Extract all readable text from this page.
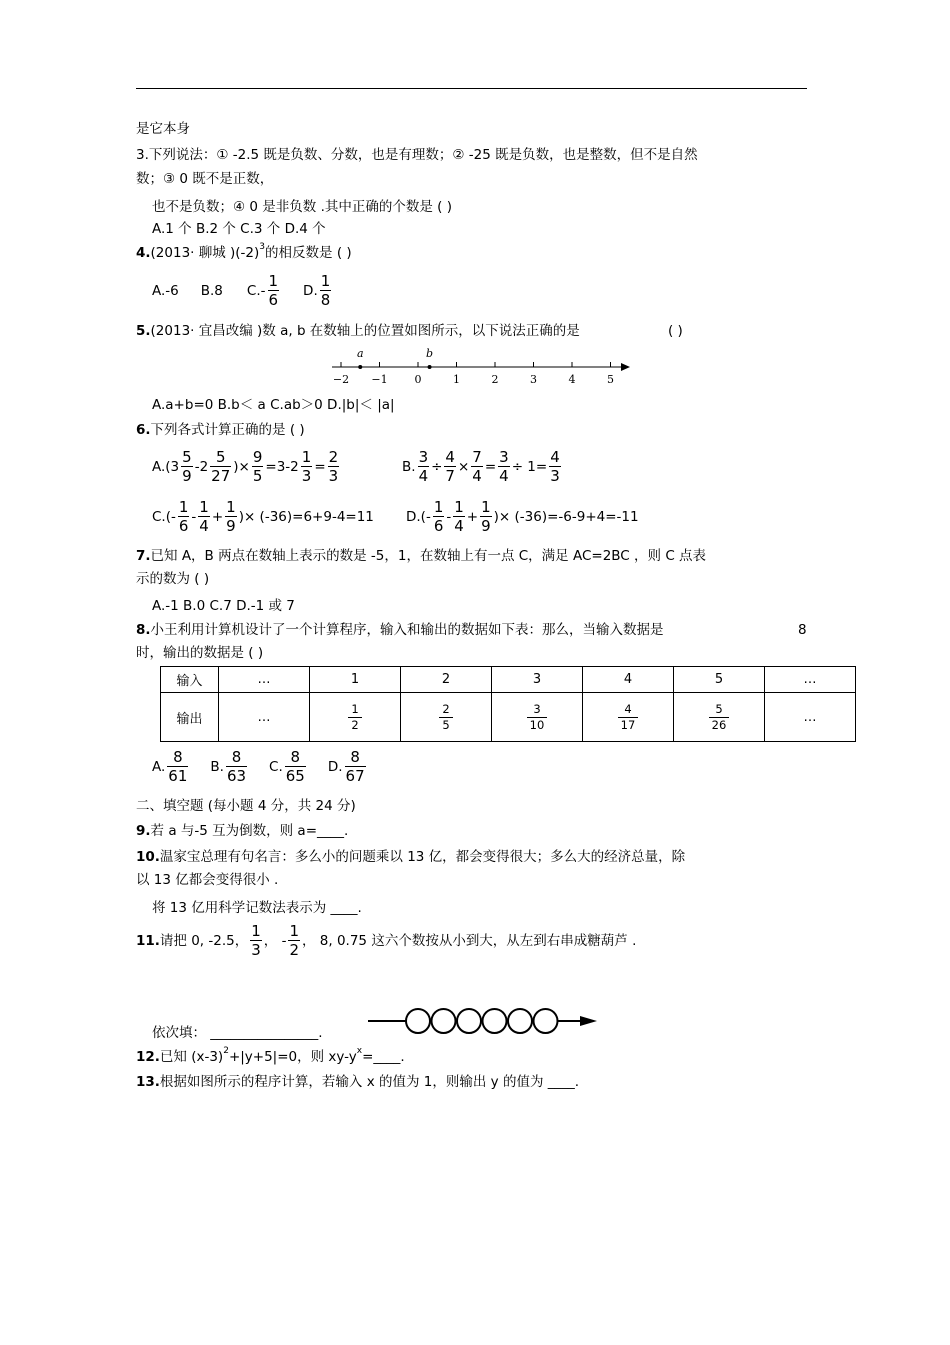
是它本身
3.下列说法：① -2.5 既是负数、分数，也是有理数；② -25 既是负数，也是整数，但不是自然
数；③ 0 既不是正数，
也不是负数；④ 0 是非负数 .其中正确的个数是 ( )
A.1 个 B.2 个 C.3 个 D.4 个
4.(2013· 聊城 )$(-2)^3$的相反数是 ( )
A.-6 B.8 C.-
1
6
D.
1
8
5.(2013· 宜昌改编 )数 a, b 在数轴上的位置如图所示，以下说法正确的是	( )
−2 −1 0	1	2	3	4	5
a	b
A.a+b=0 B.b＜ a C.ab＞0 D.|b|＜ |a|
6.下列各式计算正确的是 ( )
A.(3
5
9
-2
5
27
)× $\frac{9}{5} =3-2 \frac{1}{3} = \frac{2}{3}$	B. $\frac{3}{4} \div \frac{4}{7} \times \frac{7}{4} = \frac{3}{4} \div 1= \frac{4}{3}$
C.(-
1
6
-
1
4
+ $\frac{1}{9}$ )× (-36)=6+9-4=11 D.(-
1
6
-
1
4
+ $\frac{1}{9}$ )× (-36)=-6-9+4=-11
7.已知 A，B 两点在数轴上表示的数是 -5，1，在数轴上有一点 C，满足 AC=2BC ，则 C 点表
示的数为 ( )
A.-1 B.0 C.7 D.-1 或 7
8.小王利用计算机设计了一个计算程序，输入和输出的数据如下表：那么，当输入数据是	8
时，输出的数据是 ( )
输入	…	1	2	3	4	5	…
输出	…	$\frac{1}{2}$	$\frac{2}{5}$	$\frac{3}{10}$	$\frac{4}{17}$	$\frac{5}{26}$	…
A.
8
61
B.
8
63
C.
8
65
D.
8
67
二、填空题 (每小题 4 分，共 24 分)
9.若 a 与-5 互为倒数，则 a=____.
10.温家宝总理有句名言：多么小的问题乘以 13 亿，都会变得很大；多么大的经济总量，除
以 13 亿都会变得很小 .
将 13 亿用科学记数法表示为 ____.
11. 请把 0, -2.5，
1
3
， -
1
2
， 8, 0.75 这六个数按从小到大，从左到右串成糖葫芦 .
依次填： ________________.
12.已知 $(x-3)^2+|y+5|=0$，则 $xy-y^x=\_\_\_\_$.
13.根据如图所示的程序计算，若输入 x 的值为 1，则输出 y 的值为 ____.
